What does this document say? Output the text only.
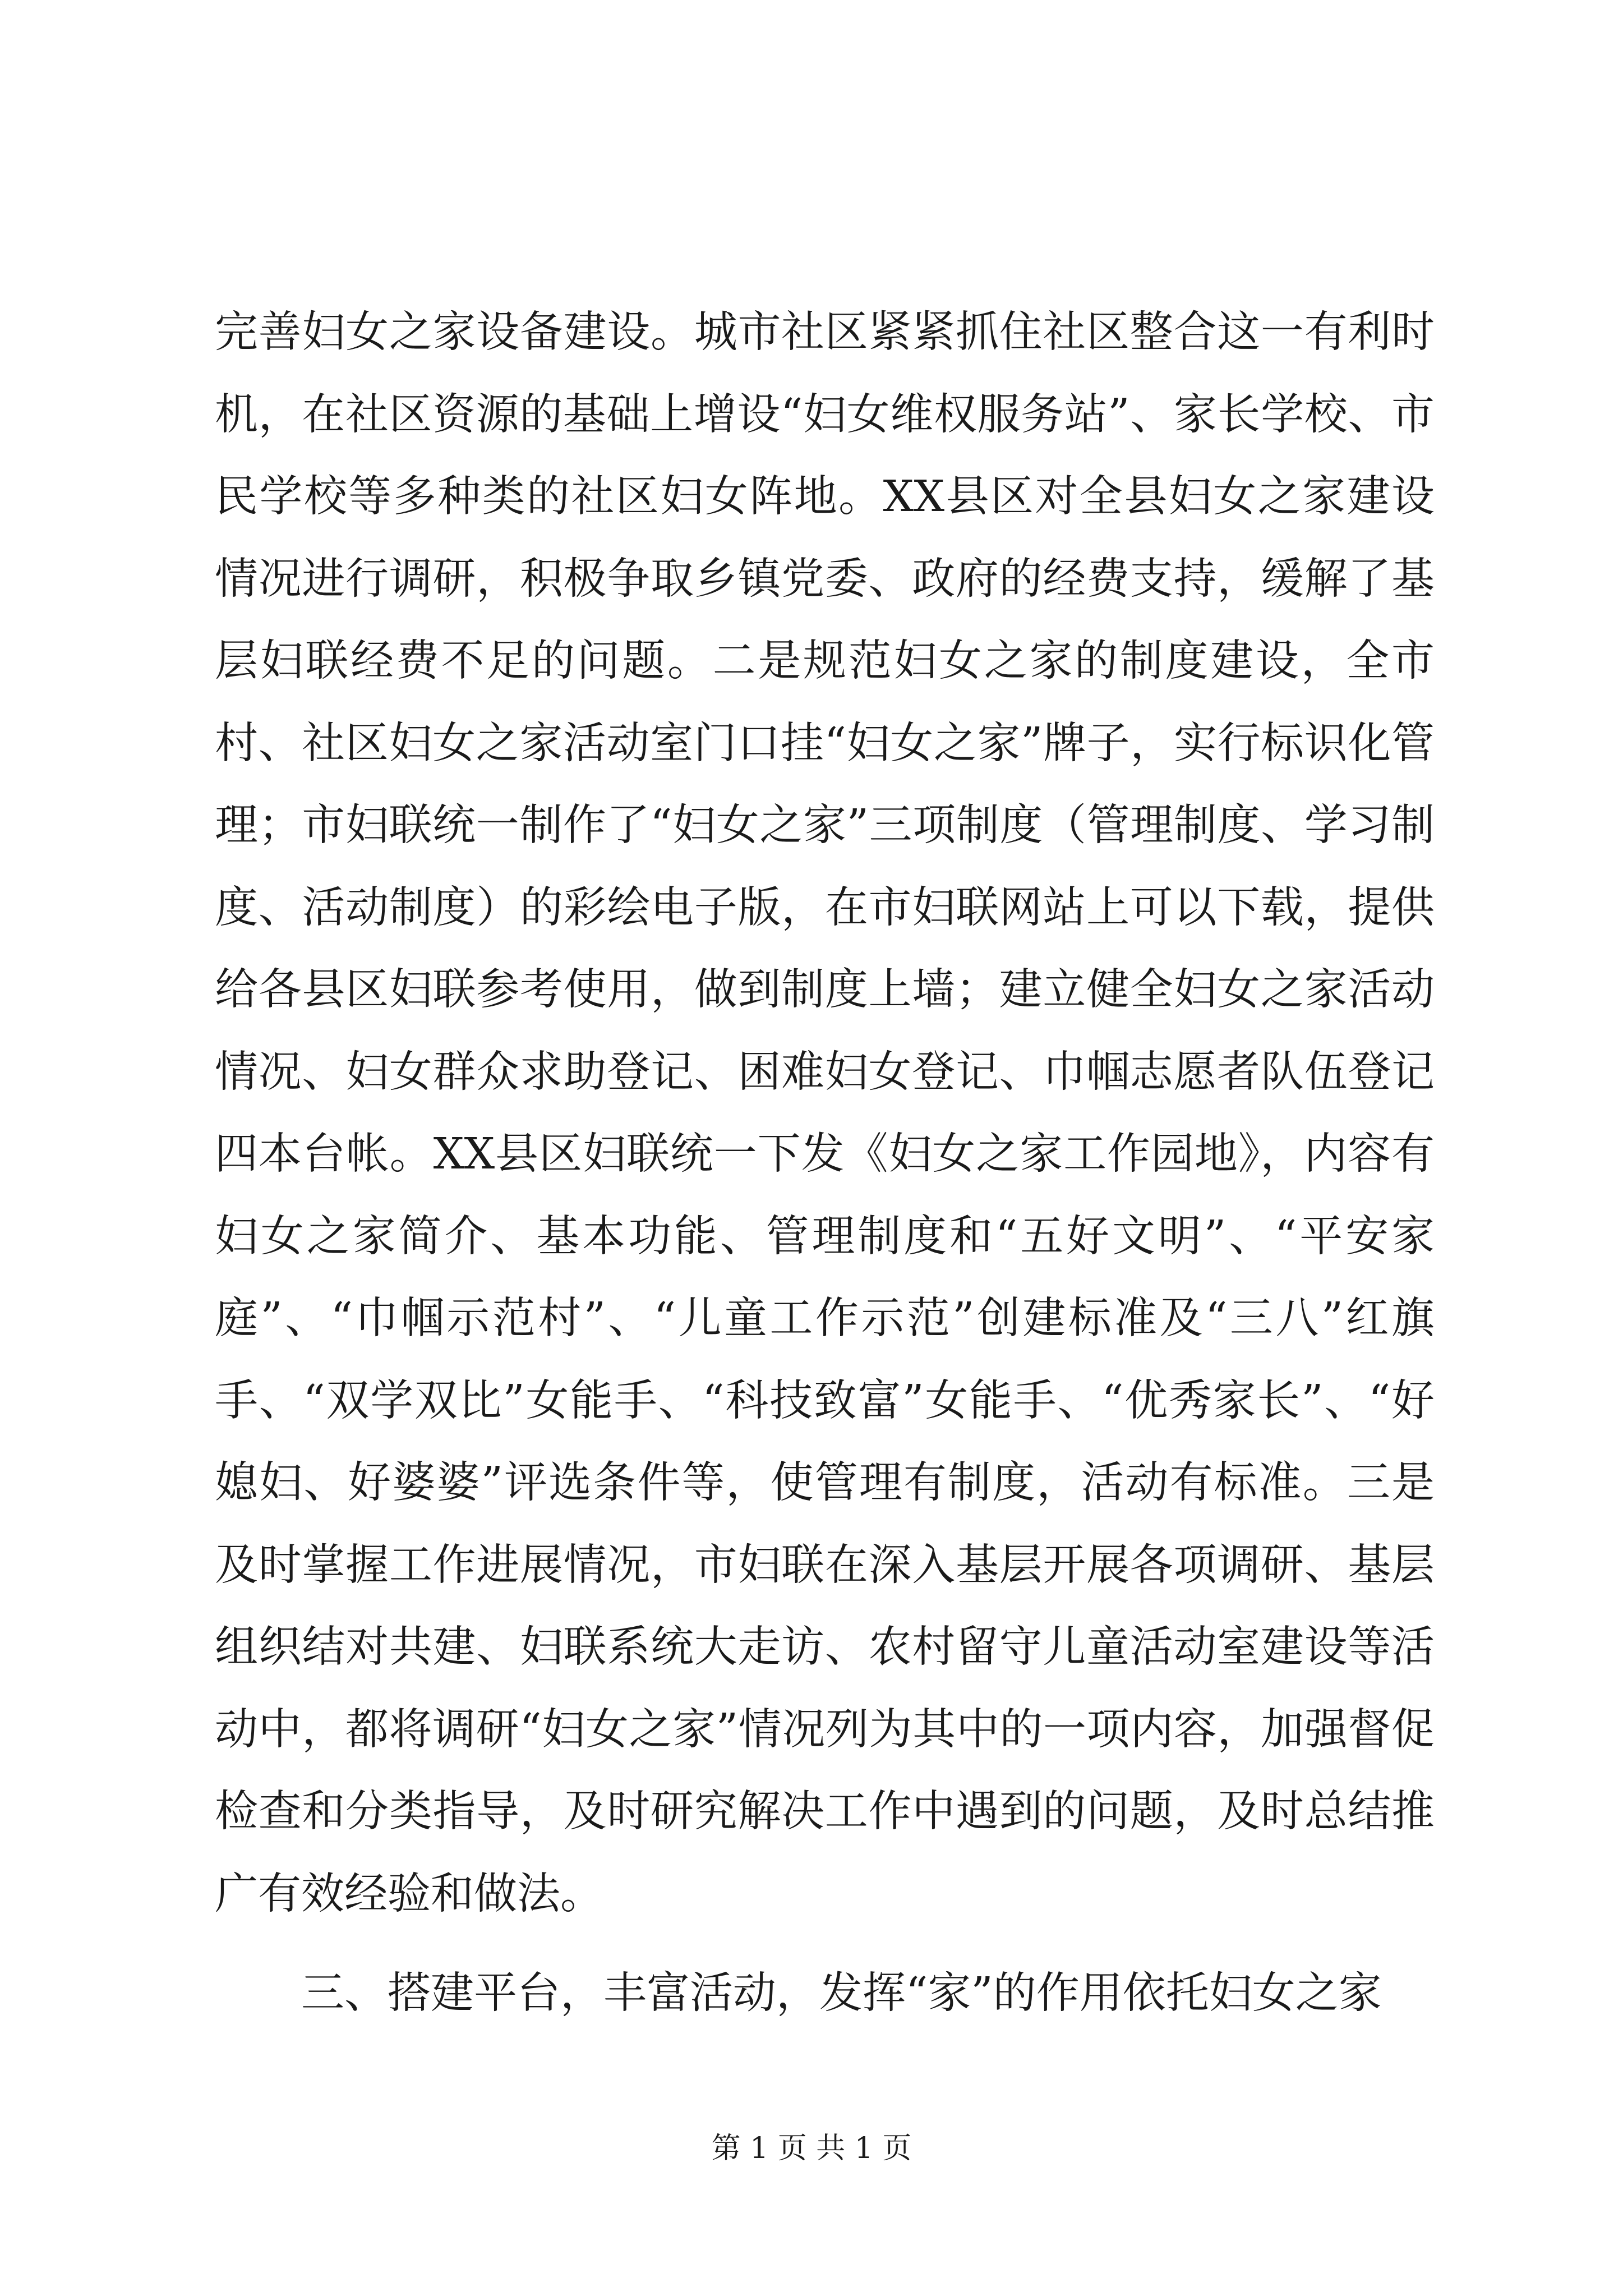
完善妇女之家设备建设。城市社区紧紧抓住社区整合这一有利时机，在社区资源的基础上增设“妇女维权服务站”、家长学校、市民学校等多种类的社区妇女阵地。XX县区对全县妇女之家建设情况进行调研，积极争取乡镇党委、政府的经费支持，缓解了基层妇联经费不足的问题。二是规范妇女之家的制度建设，全市村、社区妇女之家活动室门口挂“妇女之家”牌子，实行标识化管理；市妇联统一制作了“妇女之家”三项制度（管理制度、学习制度、活动制度）的彩绘电子版，在市妇联网站上可以下载，提供给各县区妇联参考使用，做到制度上墙；建立健全妇女之家活动情况、妇女群众求助登记、困难妇女登记、巾帼志愿者队伍登记四本台帐。XX县区妇联统一下发《妇女之家工作园地》，内容有妇女之家简介、基本功能、管理制度和“五好文明”、“平安家庭”、“巾帼示范村”、“儿童工作示范”创建标准及“三八”红旗手、“双学双比”女能手、“科技致富”女能手、“优秀家长”、“好媳妇、好婆婆”评选条件等，使管理有制度，活动有标准。三是及时掌握工作进展情况，市妇联在深入基层开展各项调研、基层组织结对共建、妇联系统大走访、农村留守儿童活动室建设等活动中，都将调研“妇女之家”情况列为其中的一项内容，加强督促检查和分类指导，及时研究解决工作中遇到的问题，及时总结推广有效经验和做法。

三、搭建平台，丰富活动，发挥“家”的作用依托妇女之家

第 1 页 共 1 页
